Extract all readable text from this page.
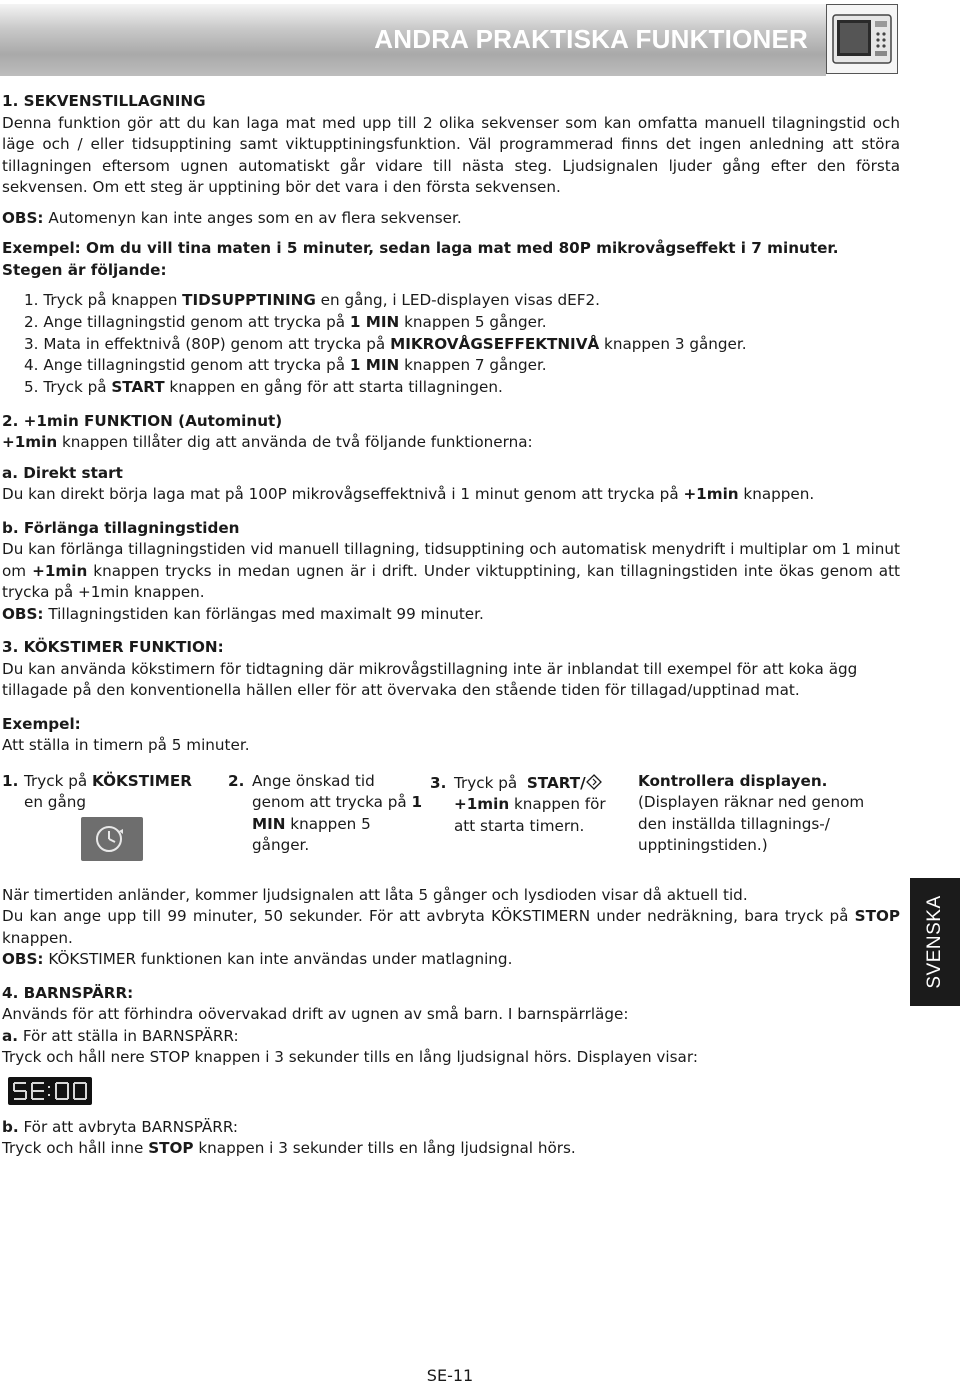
ANDRA PRAKTISKA FUNKTIONER

1. SEKVENSTILLAGNING

Denna funktion gör att du kan laga mat med upp till 2 olika sekvenser som kan omfatta manuell tilagningstid och läge och / eller tidsupptining samt viktupptiningsfunktion. Väl programmerad finns det ingen anledning att störa tillagningen eftersom ugnen automatiskt går vidare till nästa steg. Ljudsignalen ljuder gång efter den första sekvensen. Om ett steg är upptining bör det vara i den första sekvensen.

OBS: Automenyn kan inte anges som en av flera sekvenser.

Exempel: Om du vill tina maten i 5 minuter, sedan laga mat med 80P mikrovågseffekt i 7 minuter. Stegen är följande:

1. Tryck på knappen TIDSUPPTINING en gång, i LED-displayen visas dEF2.

2. Ange tillagningstid genom att trycka på 1 MIN knappen 5 gånger.

3. Mata in effektnivå (80P) genom att trycka på MIKROVÅGSEFFEKTNIVÅ knappen 3 gånger.

4. Ange tillagningstid genom att trycka på 1 MIN knappen 7 gånger.

5. Tryck på START knappen en gång för att starta tillagningen.

2. +1min FUNKTION (Autominut)

+1min knappen tillåter dig att använda de två följande funktionerna:

a. Direkt start

Du kan direkt börja laga mat på 100P mikrovågseffektnivå i 1 minut genom att trycka på +1min knappen.

b. Förlänga tillagningstiden

Du kan förlänga tillagningstiden vid manuell tillagning, tidsupptining och automatisk menydrift i multiplar om 1 minut om +1min knappen trycks in medan ugnen är i drift. Under viktupptining, kan tillagningstiden inte ökas genom att trycka på +1min knappen.

OBS: Tillagningstiden kan förlängas med maximalt 99 minuter.

3. KÖKSTIMER FUNKTION:

Du kan använda kökstimern för tidtagning där mikrovågstillagning inte är inblandat till exempel för att koka ägg tillagade på den konventionella hällen eller för att övervaka den stående tiden för tillagad/upptinad mat.

Exempel:

Att ställa in timern på 5 minuter.

1. Tryck på KÖKSTIMER
en gång
2. Ange önskad tid genom att trycka på 1 MIN knappen 5 gånger.
3. Tryck på  START/
+1min knappen för att starta timern.
Kontrollera displayen.
(Displayen räknar ned genom den inställda tillagnings-/ upptiningstiden.)

När timertiden anländer, kommer ljudsignalen att låta 5 gånger och lysdioden visar då aktuell tid.

Du kan ange upp till 99 minuter, 50 sekunder. För att avbryta KÖKSTIMERN under nedräkning, bara tryck på STOP knappen.

OBS: KÖKSTIMER funktionen kan inte användas under matlagning.

4. BARNSPÄRR:

Används för att förhindra oövervakad drift av ugnen av små barn. I barnspärrläge:

a. För att ställa in BARNSPÄRR:

Tryck och håll nere STOP knappen i 3 sekunder tills en lång ljudsignal hörs. Displayen visar:

b. För att avbryta BARNSPÄRR:

Tryck och håll inne STOP knappen i 3 sekunder tills en lång ljudsignal hörs.

SVENSKA
SE-11
